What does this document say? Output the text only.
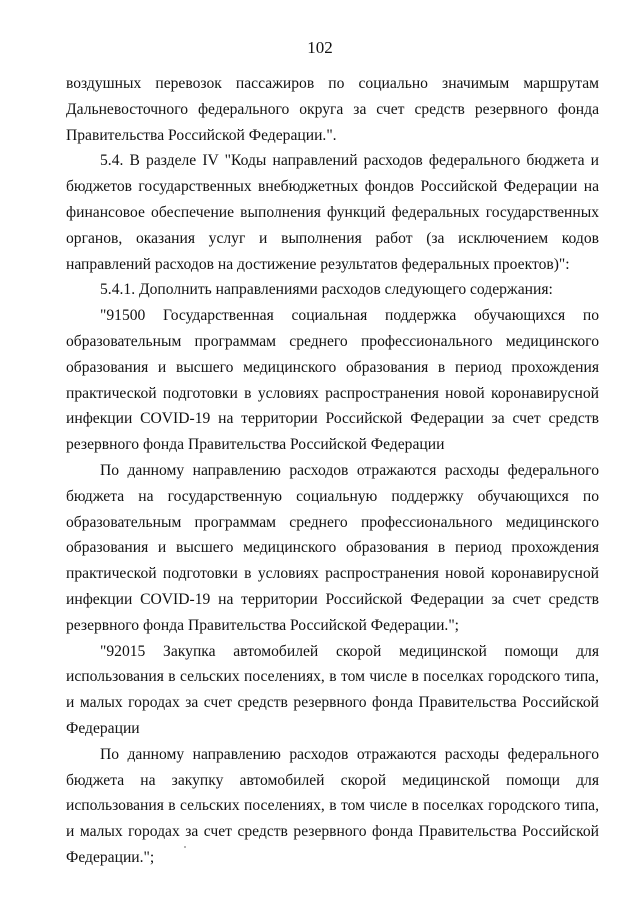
102

воздушных перевозок пассажиров по социально значимым маршрутам Дальневосточного федерального округа за счет средств резервного фонда Правительства Российской Федерации.".

5.4. В разделе IV "Коды направлений расходов федерального бюджета и бюджетов государственных внебюджетных фондов Российской Федерации на финансовое обеспечение выполнения функций федеральных государственных органов, оказания услуг и выполнения работ (за исключением кодов направлений расходов на достижение результатов федеральных проектов)":

5.4.1. Дополнить направлениями расходов следующего содержания:

"91500 Государственная социальная поддержка обучающихся по образовательным программам среднего профессионального медицинского образования и высшего медицинского образования в период прохождения практической подготовки в условиях распространения новой коронавирусной инфекции COVID-19 на территории Российской Федерации за счет средств резервного фонда Правительства Российской Федерации

По данному направлению расходов отражаются расходы федерального бюджета на государственную социальную поддержку обучающихся по образовательным программам среднего профессионального медицинского образования и высшего медицинского образования в период прохождения практической подготовки в условиях распространения новой коронавирусной инфекции COVID-19 на территории Российской Федерации за счет средств резервного фонда Правительства Российской Федерации.";

"92015 Закупка автомобилей скорой медицинской помощи для использования в сельских поселениях, в том числе в поселках городского типа, и малых городах за счет средств резервного фонда Правительства Российской Федерации

По данному направлению расходов отражаются расходы федерального бюджета на закупку автомобилей скорой медицинской помощи для использования в сельских поселениях, в том числе в поселках городского типа, и малых городах за счет средств резервного фонда Правительства Российской Федерации.";
